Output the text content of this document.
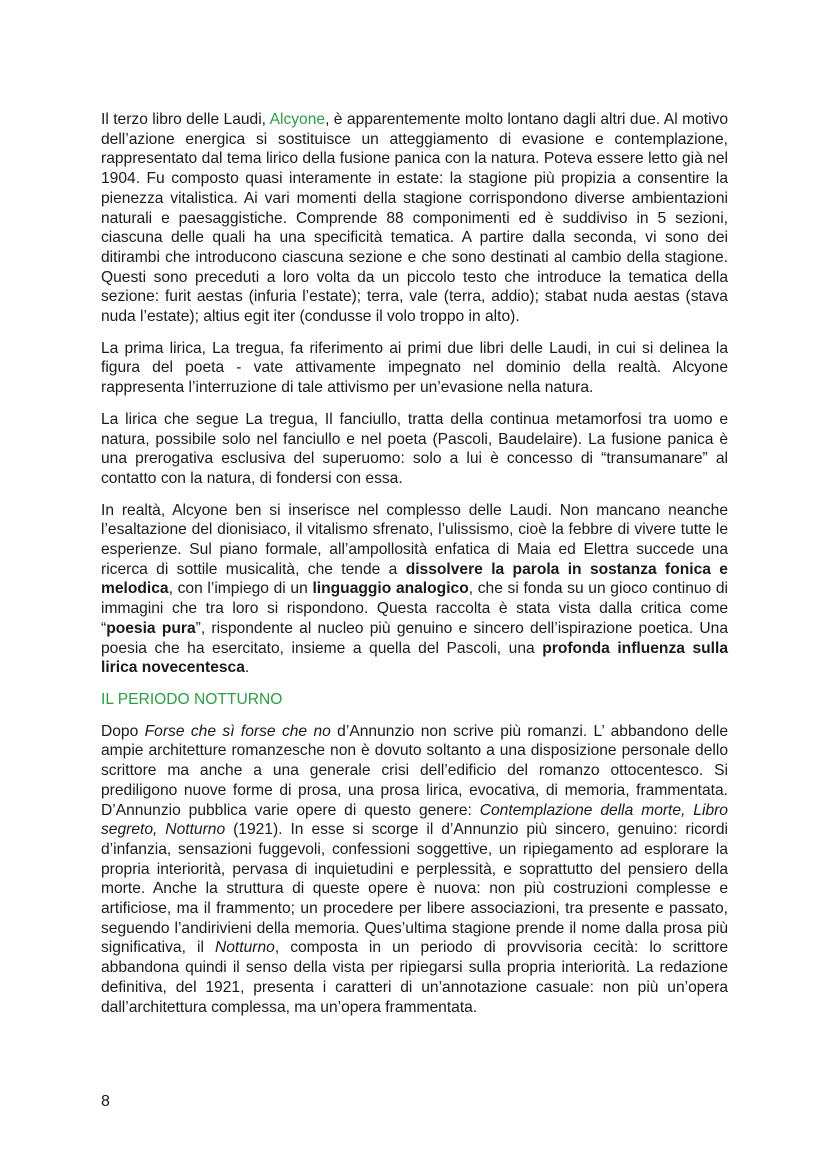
Il terzo libro delle Laudi, Alcyone, è apparentemente molto lontano dagli altri due. Al motivo dell’azione energica si sostituisce un atteggiamento di evasione e contemplazione, rappresentato dal tema lirico della fusione panica con la natura. Poteva essere letto già nel 1904. Fu composto quasi interamente in estate: la stagione più propizia a consentire la pienezza vitalistica. Ai vari momenti della stagione corrispondono diverse ambientazioni naturali e paesaggistiche. Comprende 88 componimenti ed è suddiviso in 5 sezioni, ciascuna delle quali ha una specificità tematica. A partire dalla seconda, vi sono dei ditirambi che introducono ciascuna sezione e che sono destinati al cambio della stagione. Questi sono preceduti a loro volta da un piccolo testo che introduce la tematica della sezione: furit aestas (infuria l’estate); terra, vale (terra, addio); stabat nuda aestas (stava nuda l’estate); altius egit iter (condusse il volo troppo in alto).

La prima lirica, La tregua, fa riferimento ai primi due libri delle Laudi, in cui si delinea la figura del poeta - vate attivamente impegnato nel dominio della realtà. Alcyone rappresenta l’interruzione di tale attivismo per un’evasione nella natura.

La lirica che segue La tregua, Il fanciullo, tratta della continua metamorfosi tra uomo e natura, possibile solo nel fanciullo e nel poeta (Pascoli, Baudelaire). La fusione panica è una prerogativa esclusiva del superuomo: solo a lui è concesso di “transumanare” al contatto con la natura, di fondersi con essa.

In realtà, Alcyone ben si inserisce nel complesso delle Laudi. Non mancano neanche l’esaltazione del dionisiaco, il vitalismo sfrenato, l’ulissismo, cioè la febbre di vivere tutte le esperienze. Sul piano formale, all’ampollosità enfatica di Maia ed Elettra succede una ricerca di sottile musicalità, che tende a dissolvere la parola in sostanza fonica e melodica, con l’impiego di un linguaggio analogico, che si fonda su un gioco continuo di immagini che tra loro si rispondono. Questa raccolta è stata vista dalla critica come “poesia pura”, rispondente al nucleo più genuino e sincero dell’ispirazione poetica. Una poesia che ha esercitato, insieme a quella del Pascoli, una profonda influenza sulla lirica novecentesca.

IL PERIODO NOTTURNO

Dopo Forse che sì forse che no d’Annunzio non scrive più romanzi. L’ abbandono delle ampie architetture romanzesche non è dovuto soltanto a una disposizione personale dello scrittore ma anche a una generale crisi dell’edificio del romanzo ottocentesco. Si prediligono nuove forme di prosa, una prosa lirica, evocativa, di memoria, frammentata. D’Annunzio pubblica varie opere di questo genere: Contemplazione della morte, Libro segreto, Notturno (1921). In esse si scorge il d’Annunzio più sincero, genuino: ricordi d’infanzia, sensazioni fuggevoli, confessioni soggettive, un ripiegamento ad esplorare la propria interiorità, pervasa di inquietudini e perplessità, e soprattutto del pensiero della morte. Anche la struttura di queste opere è nuova: non più costruzioni complesse e artificiose, ma il frammento; un procedere per libere associazioni, tra presente e passato, seguendo l’andirivieni della memoria. Ques’ultima stagione prende il nome dalla prosa più significativa, il Notturno, composta in un periodo di provvisoria cecità: lo scrittore abbandona quindi il senso della vista per ripiegarsi sulla propria interiorità. La redazione definitiva, del 1921, presenta i caratteri di un’annotazione casuale: non più un’opera dall’architettura complessa, ma un’opera frammentata.

8
